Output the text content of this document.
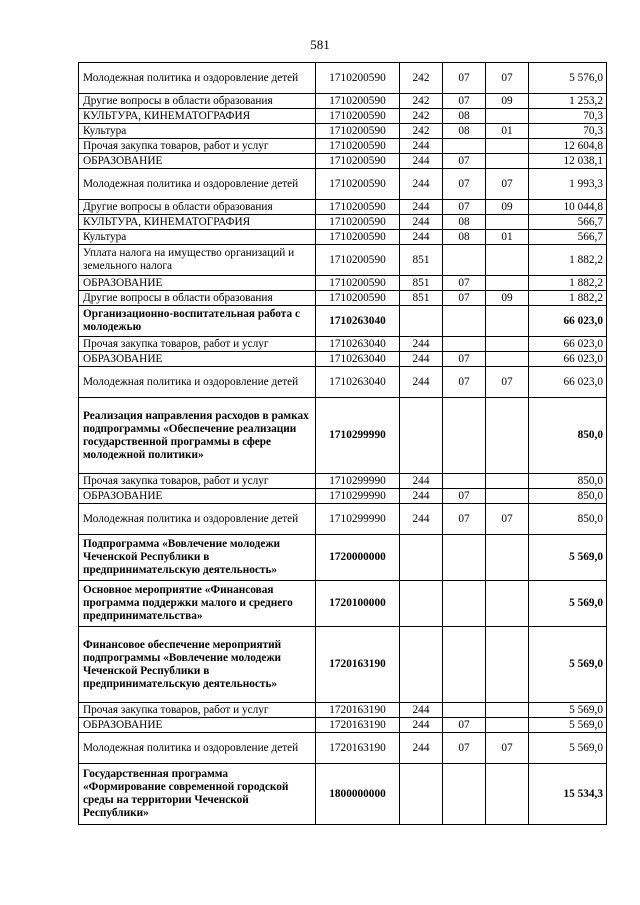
581
Молодежная политика и оздоровление детей	1710200590	242	07	07	5 576,0
Другие вопросы в области образования	1710200590	242	07	09	1 253,2
КУЛЬТУРА, КИНЕМАТОГРАФИЯ	1710200590	242	08		70,3
Культура	1710200590	242	08	01	70,3
Прочая закупка товаров, работ и услуг	1710200590	244			12 604,8
ОБРАЗОВАНИЕ	1710200590	244	07		12 038,1
Молодежная политика и оздоровление детей	1710200590	244	07	07	1 993,3
Другие вопросы в области образования	1710200590	244	07	09	10 044,8
КУЛЬТУРА, КИНЕМАТОГРАФИЯ	1710200590	244	08		566,7
Культура	1710200590	244	08	01	566,7
Уплата налога на имущество организаций и земельного налога	1710200590	851			1 882,2
ОБРАЗОВАНИЕ	1710200590	851	07		1 882,2
Другие вопросы в области образования	1710200590	851	07	09	1 882,2
Организационно-воспитательная работа с молодежью	1710263040				66 023,0
Прочая закупка товаров, работ и услуг	1710263040	244			66 023,0
ОБРАЗОВАНИЕ	1710263040	244	07		66 023,0
Молодежная политика и оздоровление детей	1710263040	244	07	07	66 023,0
Реализация направления расходов в рамках подпрограммы «Обеспечение реализации государственной программы в сфере молодежной политики»	1710299990				850,0
Прочая закупка товаров, работ и услуг	1710299990	244			850,0
ОБРАЗОВАНИЕ	1710299990	244	07		850,0
Молодежная политика и оздоровление детей	1710299990	244	07	07	850,0
Подпрограмма «Вовлечение молодежи Чеченской Республики в предпринимательскую деятельность»	1720000000				5 569,0
Основное мероприятие «Финансовая программа поддержки малого и среднего предпринимательства»	1720100000				5 569,0
Финансовое обеспечение мероприятий подпрограммы «Вовлечение молодежи Чеченской Республики в предпринимательскую деятельность»	1720163190				5 569,0
Прочая закупка товаров, работ и услуг	1720163190	244			5 569,0
ОБРАЗОВАНИЕ	1720163190	244	07		5 569,0
Молодежная политика и оздоровление детей	1720163190	244	07	07	5 569,0
Государственная программа «Формирование современной городской среды на территории Чеченской Республики»	1800000000				15 534,3
